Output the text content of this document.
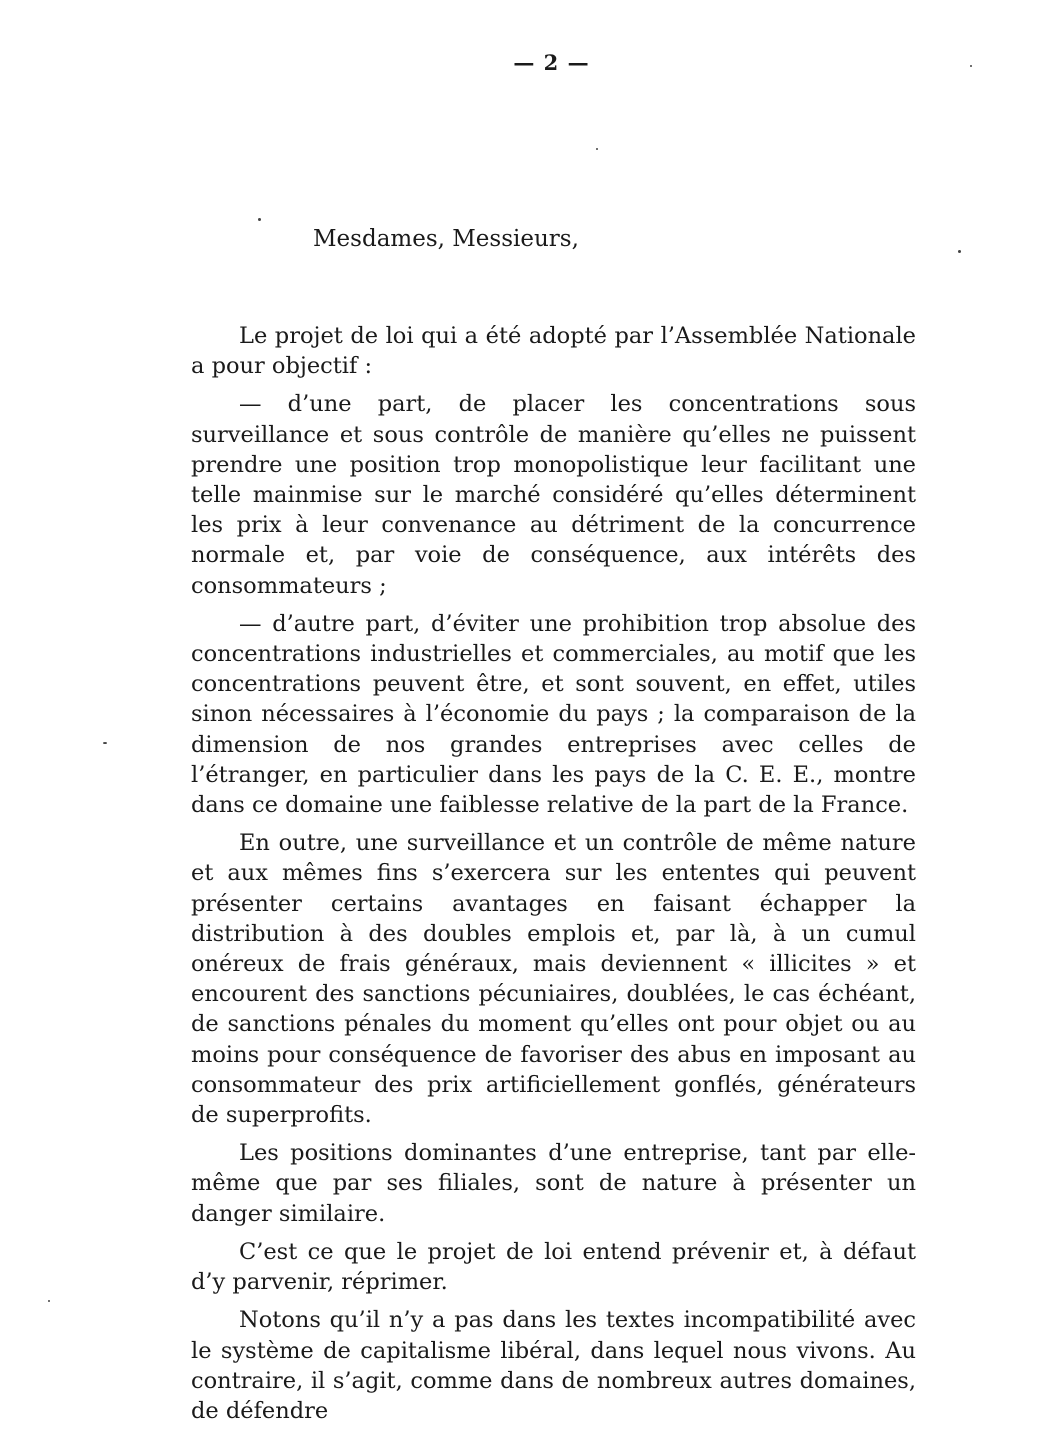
— 2 —
Mesdames, Messieurs,

Le projet de loi qui a été adopté par l’Assemblée Nationale a pour objectif :

— d’une part, de placer les concentrations sous surveillance et sous contrôle de manière qu’elles ne puissent prendre une position trop monopolistique leur facilitant une telle mainmise sur le marché considéré qu’elles déterminent les prix à leur convenance au détriment de la concurrence normale et, par voie de conséquence, aux intérêts des consommateurs ;

— d’autre part, d’éviter une prohibition trop absolue des concentrations industrielles et commerciales, au motif que les concentrations peuvent être, et sont souvent, en effet, utiles sinon nécessaires à l’économie du pays ; la comparaison de la dimension de nos grandes entreprises avec celles de l’étranger, en particulier dans les pays de la C. E. E., montre dans ce domaine une faiblesse relative de la part de la France.

En outre, une surveillance et un contrôle de même nature et aux mêmes fins s’exercera sur les ententes qui peuvent présenter certains avantages en faisant échapper la distribution à des doubles emplois et, par là, à un cumul onéreux de frais généraux, mais deviennent « illicites » et encourent des sanctions pécuniaires, doublées, le cas échéant, de sanctions pénales du moment qu’elles ont pour objet ou au moins pour conséquence de favoriser des abus en imposant au consommateur des prix artificiellement gonflés, générateurs de superprofits.

Les positions dominantes d’une entreprise, tant par elle-même que par ses filiales, sont de nature à présenter un danger similaire.

C’est ce que le projet de loi entend prévenir et, à défaut d’y parvenir, réprimer.

Notons qu’il n’y a pas dans les textes incompatibilité avec le système de capitalisme libéral, dans lequel nous vivons. Au contraire, il s’agit, comme dans de nombreux autres domaines, de défendre
